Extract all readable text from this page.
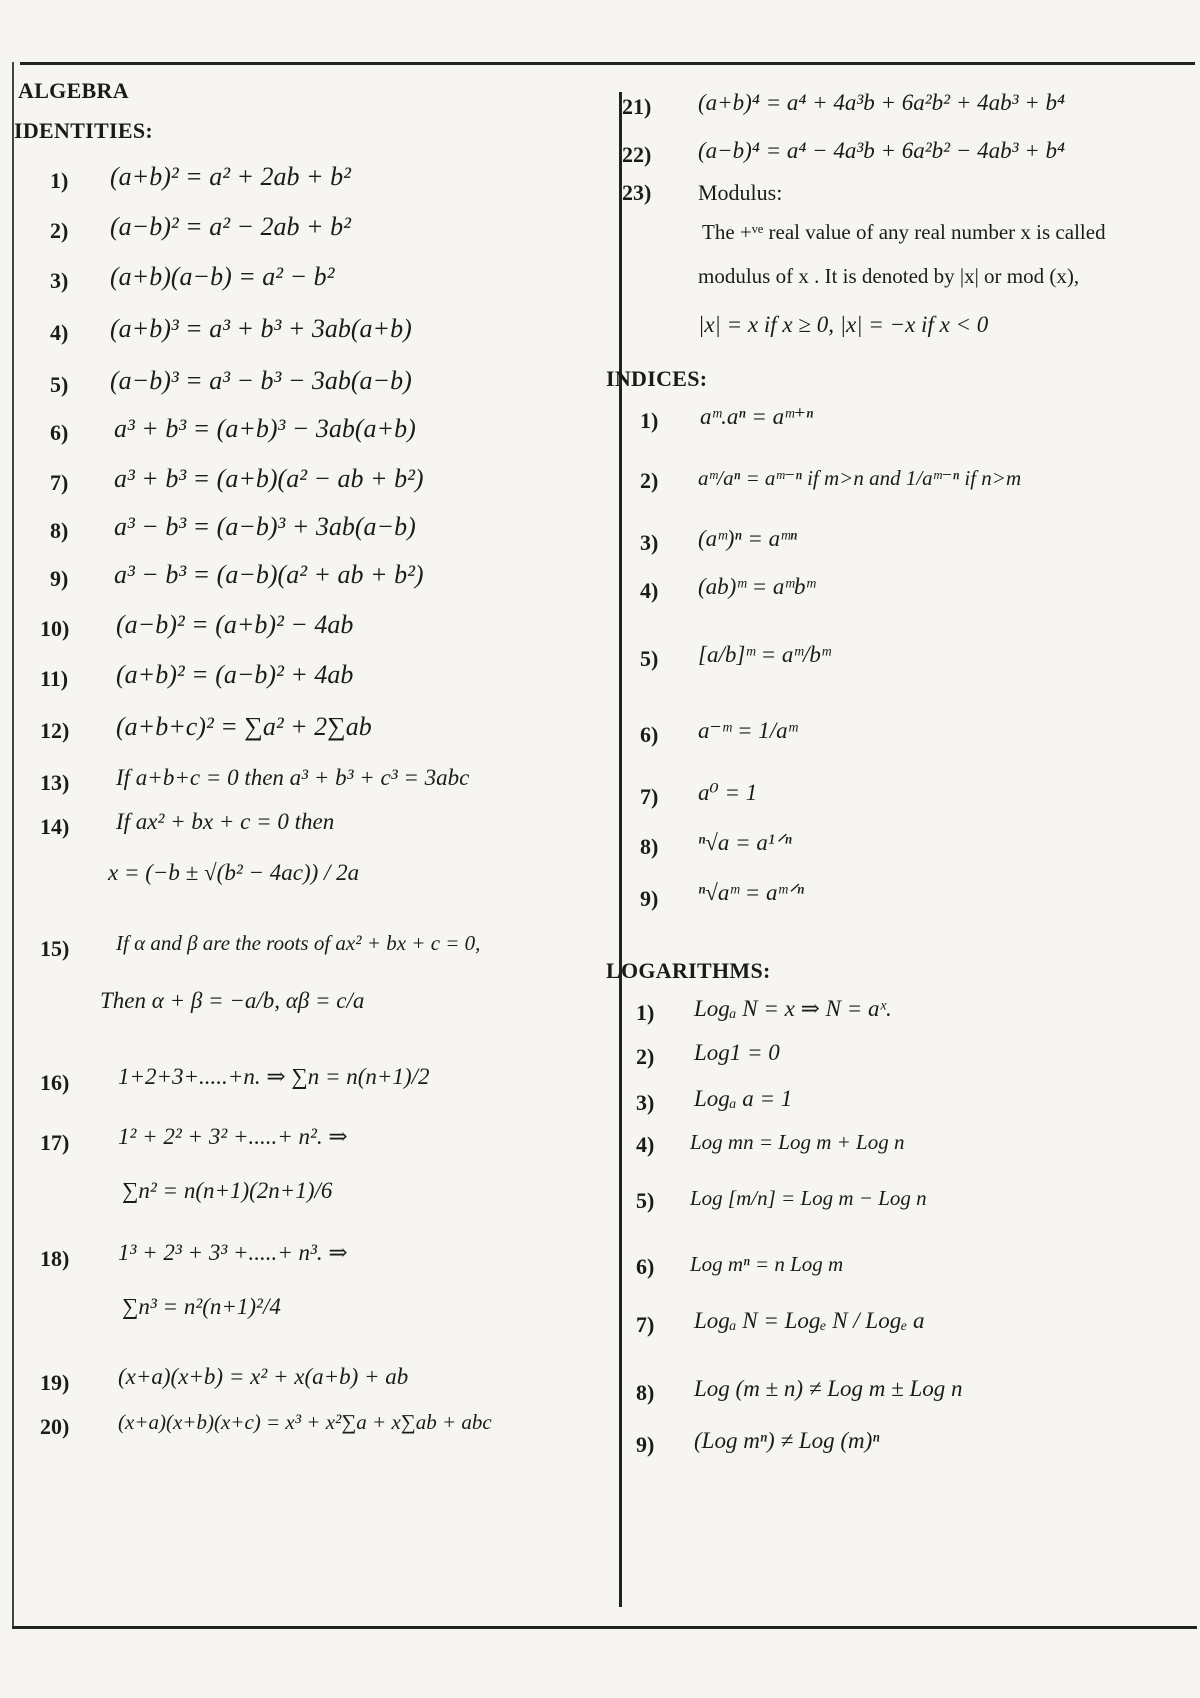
ALGEBRA
IDENTITIES:
1) (a+b)² = a² + 2ab + b²
2) (a−b)² = a² − 2ab + b²
3) (a+b)(a−b) = a² − b²
4) (a+b)³ = a³ + b³ + 3ab(a+b)
5) (a−b)³ = a³ − b³ − 3ab(a−b)
6) a³ + b³ = (a+b)³ − 3ab(a+b)
7) a³ + b³ = (a+b)(a² − ab + b²)
8) a³ − b³ = (a−b)³ + 3ab(a−b)
9) a³ − b³ = (a−b)(a² + ab + b²)
10) (a−b)² = (a+b)² − 4ab
11) (a+b)² = (a−b)² + 4ab
12) (a+b+c)² = ∑a² + 2∑ab
13) If a+b+c = 0 then a³ + b³ + c³ = 3abc
14) If ax² + bx + c = 0 then
x = (−b ± √(b² − 4ac)) / 2a
15) If α and β are the roots of ax² + bx + c = 0,
Then α + β = −a/b, αβ = c/a
16) 1+2+3+.....+n. ⇒ ∑n = n(n+1)/2
17) 1² + 2² + 3² +.....+ n². ⇒
∑n² = n(n+1)(2n+1)/6
18) 1³ + 2³ + 3³ +.....+ n³. ⇒
∑n³ = n²(n+1)²/4
19) (x+a)(x+b) = x² + x(a+b) + ab
20) (x+a)(x+b)(x+c) = x³ + x²∑a + x∑ab + abc
21) (a+b)⁴ = a⁴ + 4a³b + 6a²b² + 4ab³ + b⁴
22) (a−b)⁴ = a⁴ − 4a³b + 6a²b² − 4ab³ + b⁴
23) Modulus:
The +ᵛᵉ real value of any real number x is called
modulus of x . It is denoted by |x| or mod (x),
|x| = x if x ≥ 0, |x| = −x if x < 0
INDICES:
1) aᵐ.aⁿ = aᵐ⁺ⁿ
2) aᵐ/aⁿ = aᵐ⁻ⁿ if m>n and 1/aᵐ⁻ⁿ if n>m
3) (aᵐ)ⁿ = aᵐⁿ
4) (ab)ᵐ = aᵐbᵐ
5) [a/b]ᵐ = aᵐ/bᵐ
6) a⁻ᵐ = 1/aᵐ
7) a⁰ = 1
8) ⁿ√a = a¹ᐟⁿ
9) ⁿ√aᵐ = aᵐᐟⁿ
LOGARITHMS:
1) Logₐ N = x ⇒ N = aˣ.
2) Log1 = 0
3) Logₐ a = 1
4) Log mn = Log m + Log n
5) Log [m/n] = Log m − Log n
6) Log mⁿ = n Log m
7) Logₐ N = Logₑ N / Logₑ a
8) Log (m ± n) ≠ Log m ± Log n
9) (Log mⁿ) ≠ Log (m)ⁿ
